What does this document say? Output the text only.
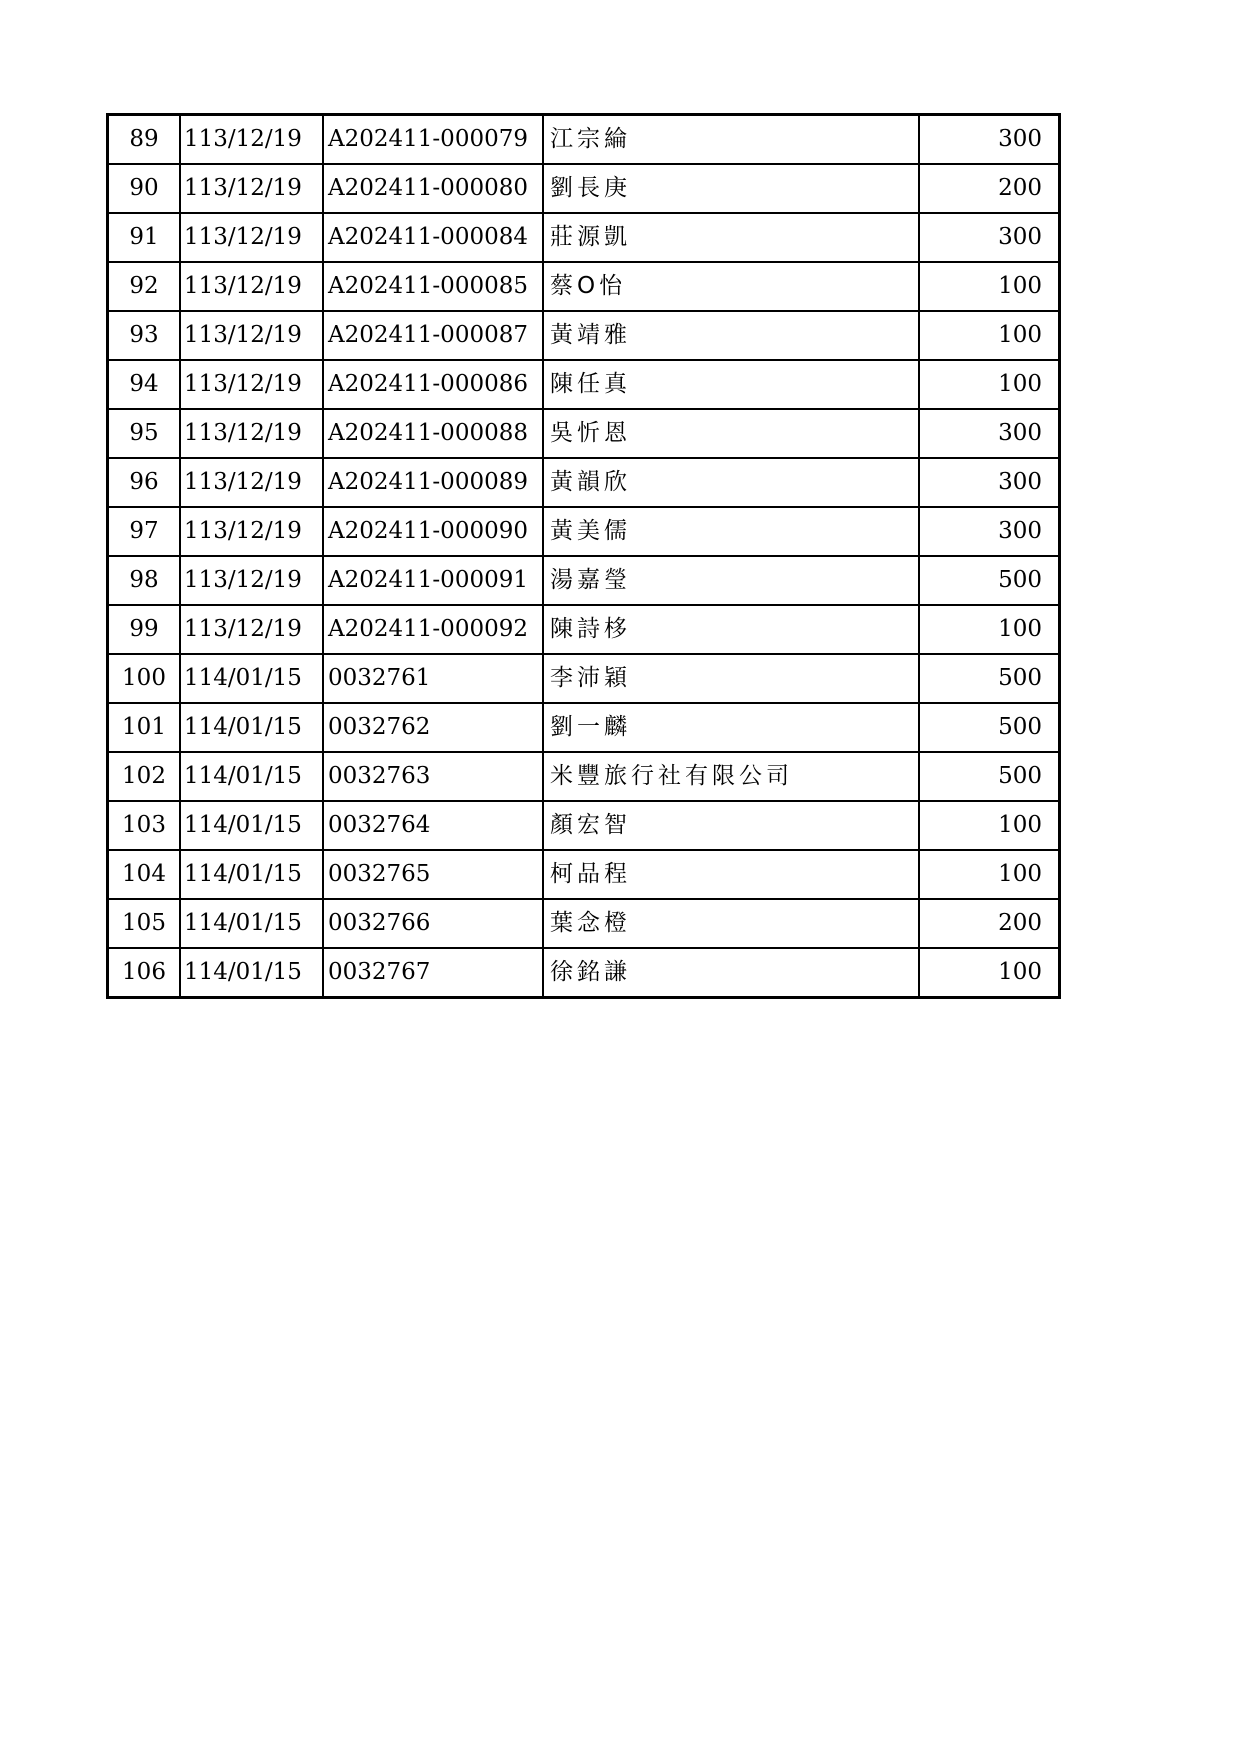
89	113/12/19	A202411-000079	江宗綸	300
90	113/12/19	A202411-000080	劉長庚	200
91	113/12/19	A202411-000084	莊源凱	300
92	113/12/19	A202411-000085	蔡O怡	100
93	113/12/19	A202411-000087	黃靖雅	100
94	113/12/19	A202411-000086	陳任真	100
95	113/12/19	A202411-000088	吳忻恩	300
96	113/12/19	A202411-000089	黃韻欣	300
97	113/12/19	A202411-000090	黃美儒	300
98	113/12/19	A202411-000091	湯嘉瑩	500
99	113/12/19	A202411-000092	陳詩栘	100
100	114/01/15	0032761	李沛穎	500
101	114/01/15	0032762	劉一麟	500
102	114/01/15	0032763	米豐旅行社有限公司	500
103	114/01/15	0032764	顏宏智	100
104	114/01/15	0032765	柯品程	100
105	114/01/15	0032766	葉念橙	200
106	114/01/15	0032767	徐銘謙	100
